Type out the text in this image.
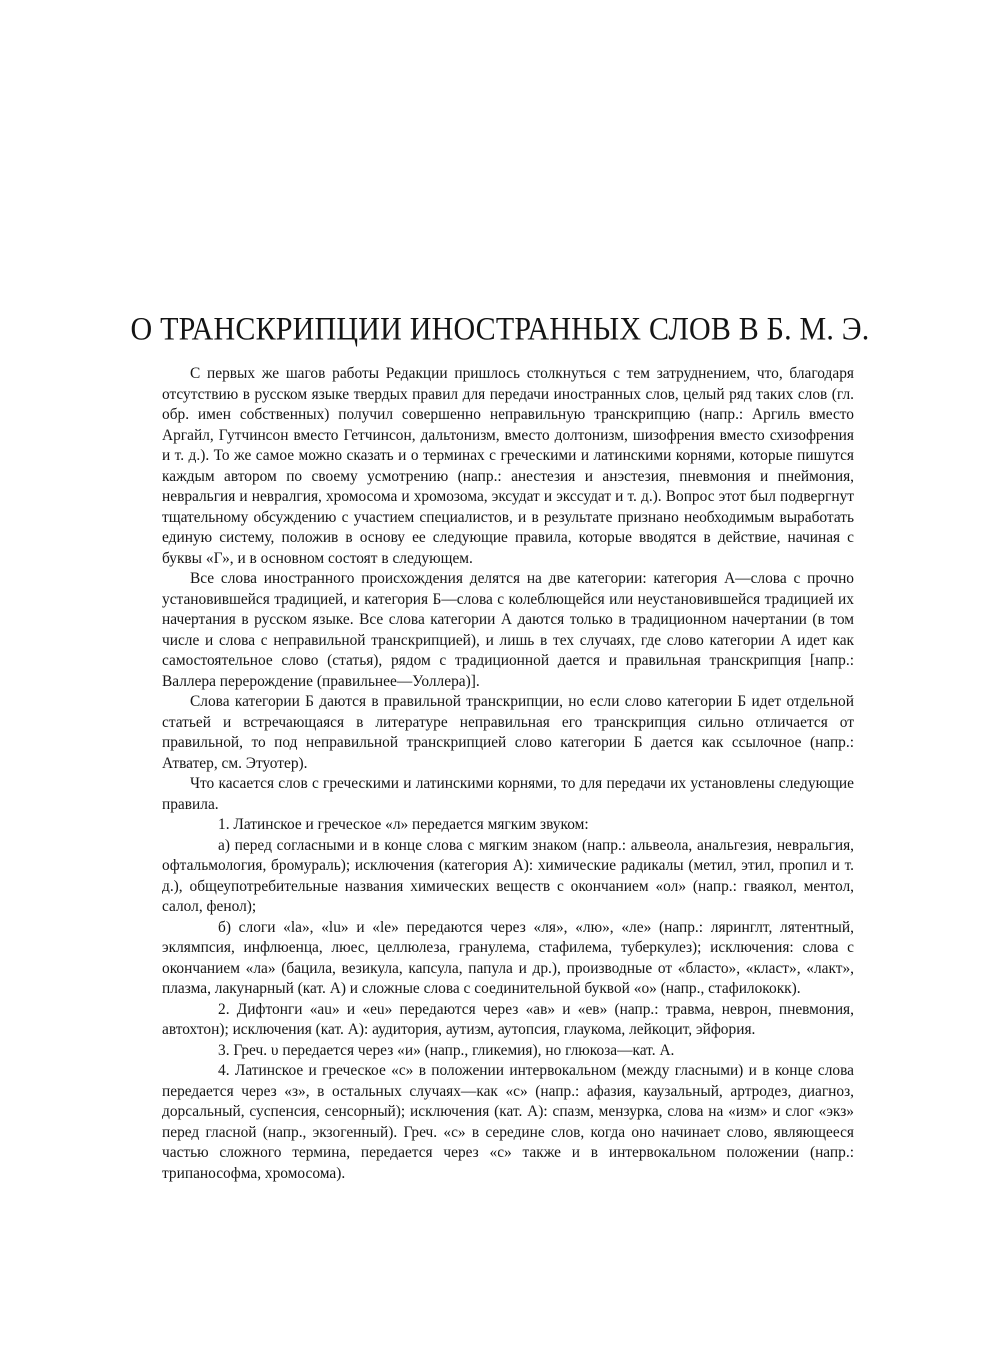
О ТРАНСКРИПЦИИ ИНОСТРАННЫХ СЛОВ В Б. М. Э.

С первых же шагов работы Редакции пришлось столкнуться с тем затруднением, что, благодаря отсутствию в русском языке твердых правил для передачи иностранных слов, целый ряд таких слов (гл. обр. имен собственных) получил совершенно неправильную транскрипцию (напр.: Аргиль вместо Аргайл, Гутчинсон вместо Гетчинсон, дальтонизм, вместо долтонизм, шизофрения вместо схизофрения и т. д.). То же самое можно сказать и о терминах с греческими и латинскими корнями, которые пишутся каждым автором по своему усмотрению (напр.: анестезия и анэстезия, пневмония и пнеймония, невральгия и невралгия, хромосома и хромозома, эксудат и экссудат и т. д.). Вопрос этот был подвергнут тщательному обсуждению с участием специалистов, и в результате признано необходимым выработать единую систему, положив в основу ее следующие правила, которые вводятся в действие, начиная с буквы «Г», и в основном состоят в следующем.

Все слова иностранного происхождения делятся на две категории: категория А—слова с прочно установившейся традицией, и категория Б—слова с колеблющейся или неустановившейся традицией их начертания в русском языке. Все слова категории А даются только в традиционном начертании (в том числе и слова с неправильной транскрипцией), и лишь в тех случаях, где слово категории А идет как самостоятельное слово (статья), рядом с традиционной дается и правильная транскрипция [напр.: Валлера перерождение (правильнее—Уоллера)].

Слова категории Б даются в правильной транскрипции, но если слово категории Б идет отдельной статьей и встречающаяся в литературе неправильная его транскрипция сильно отличается от правильной, то под неправильной транскрипцией слово категории Б дается как ссылочное (напр.: Атватер, см. Этуотер).

Что касается слов с греческими и латинскими корнями, то для передачи их установлены следующие правила.

1. Латинское и греческое «л» передается мягким звуком:

а) перед согласными и в конце слова с мягким знаком (напр.: альвеола, анальгезия, невральгия, офтальмология, бромураль); исключения (категория А): химические радикалы (метил, этил, пропил и т. д.), общеупотребительные названия химических веществ с окончанием «ол» (напр.: гваякол, ментол, салол, фенол);

б) слоги «la», «lu» и «le» передаются через «ля», «лю», «ле» (напр.: ляринглт, лятентный, эклямпсия, инфлюенца, люес, целлюлеза, гранулема, стафилема, туберкулез); исключения: слова с окончанием «ла» (бацила, везикула, капсула, папула и др.), производные от «бласто», «класт», «лакт», плазма, лакунарный (кат. А) и сложные слова с соединительной буквой «о» (напр., стафилококк).

2. Дифтонги «au» и «eu» передаются через «ав» и «ев» (напр.: травма, неврон, пневмония, автохтон); исключения (кат. А): аудитория, аутизм, аутопсия, глаукома, лейкоцит, эйфория.

3. Греч. υ передается через «и» (напр., гликемия), но глюкоза—кат. А.

4. Латинское и греческое «с» в положении интервокальном (между гласными) и в конце слова передается через «з», в остальных случаях—как «с» (напр.: афазия, каузальный, артродез, диагноз, дорсальный, суспенсия, сенсорный); исключения (кат. А): спазм, мензурка, слова на «изм» и слог «экз» перед гласной (напр., экзогенный). Греч. «с» в середине слов, когда оно начинает слово, являющееся частью сложного термина, передается через «с» также и в интервокальном положении (напр.: трипанософма, хромосома).
